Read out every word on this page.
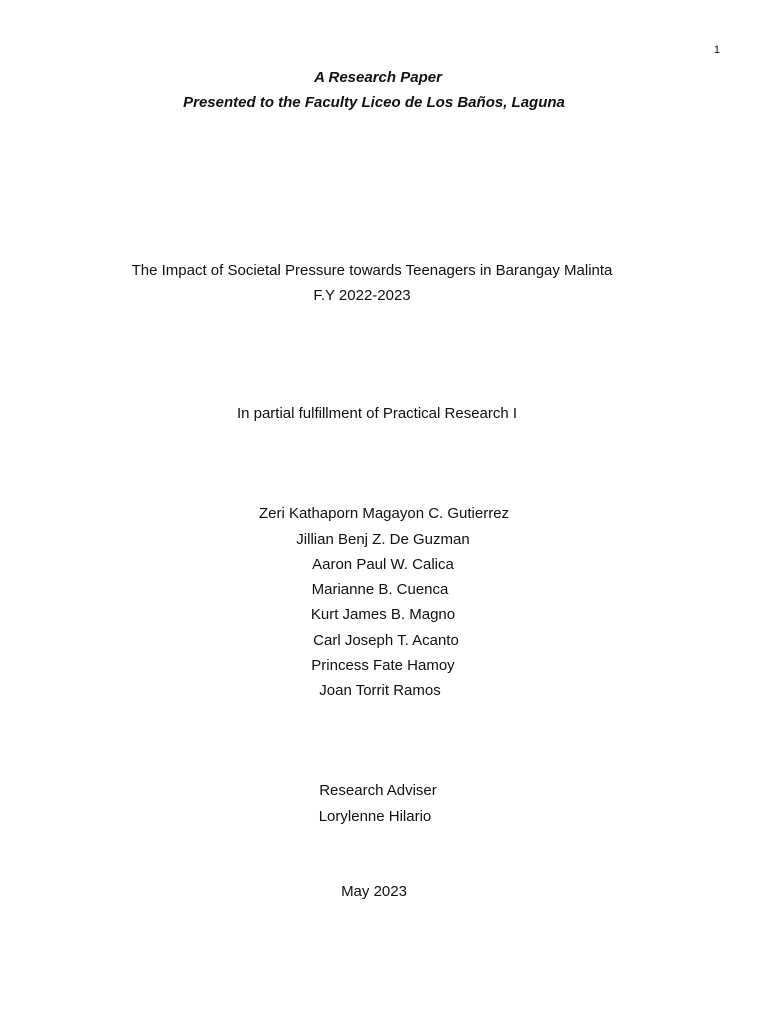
1
A Research Paper
Presented to the Faculty Liceo de Los Baños, Laguna
The Impact of Societal Pressure towards Teenagers in Barangay Malinta
F.Y 2022-2023
In partial fulfillment of Practical Research I
Zeri Kathaporn Magayon C. Gutierrez
Jillian Benj Z. De Guzman
Aaron Paul W. Calica
Marianne B. Cuenca
Kurt James B. Magno
Carl Joseph T. Acanto
Princess Fate Hamoy
Joan Torrit Ramos
Research Adviser
Lorylenne Hilario
May 2023
